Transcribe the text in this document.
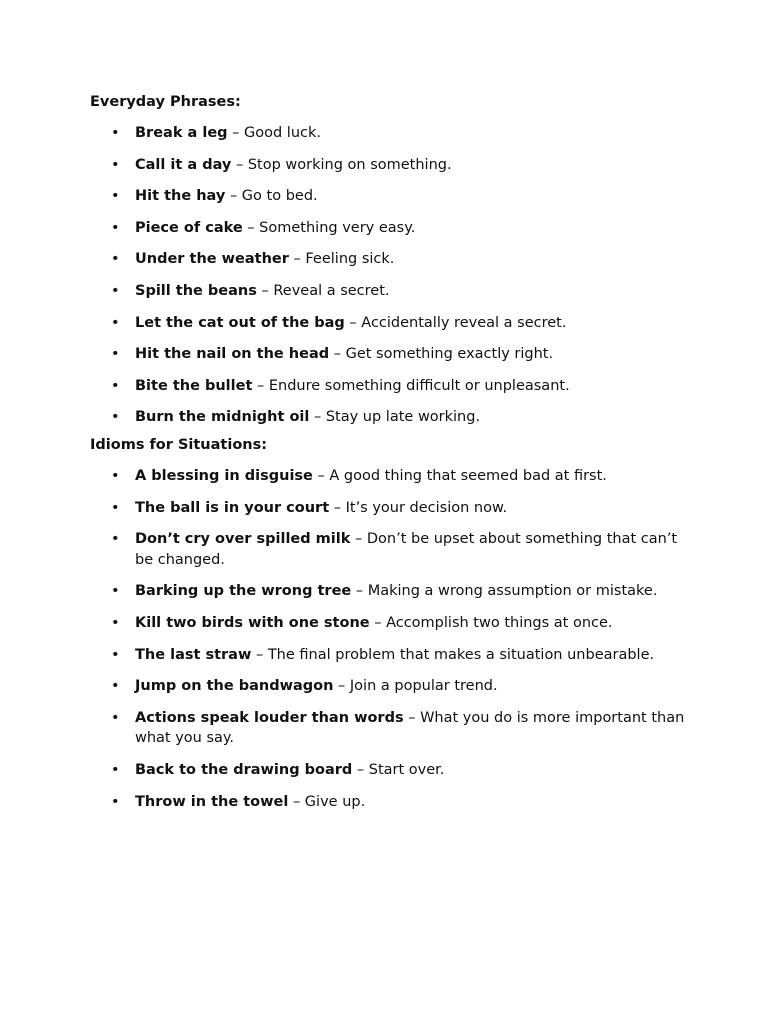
Everyday Phrases:

• Break a leg – Good luck.
• Call it a day – Stop working on something.
• Hit the hay – Go to bed.
• Piece of cake – Something very easy.
• Under the weather – Feeling sick.
• Spill the beans – Reveal a secret.
• Let the cat out of the bag – Accidentally reveal a secret.
• Hit the nail on the head – Get something exactly right.
• Bite the bullet – Endure something difficult or unpleasant.
• Burn the midnight oil – Stay up late working.

Idioms for Situations:

• A blessing in disguise – A good thing that seemed bad at first.
• The ball is in your court – It’s your decision now.
• Don’t cry over spilled milk – Don’t be upset about something that can’t be changed.
• Barking up the wrong tree – Making a wrong assumption or mistake.
• Kill two birds with one stone – Accomplish two things at once.
• The last straw – The final problem that makes a situation unbearable.
• Jump on the bandwagon – Join a popular trend.
• Actions speak louder than words – What you do is more important than what you say.
• Back to the drawing board – Start over.
• Throw in the towel – Give up.
